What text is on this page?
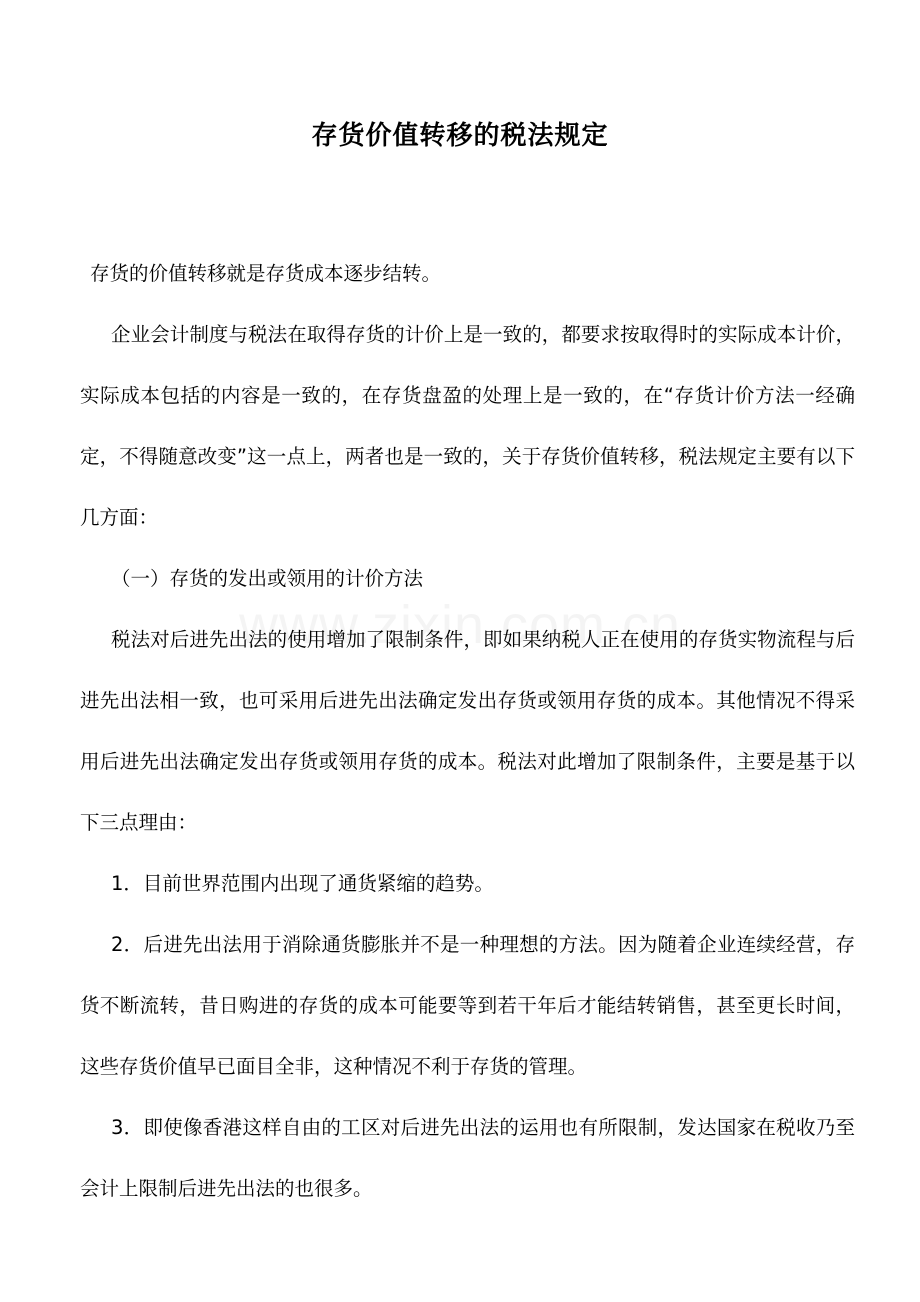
存货价值转移的税法规定

存货的价值转移就是存货成本逐步结转。

企业会计制度与税法在取得存货的计价上是一致的，都要求按取得时的实际成本计价，实际成本包括的内容是一致的，在存货盘盈的处理上是一致的，在“存货计价方法一经确定，不得随意改变”这一点上，两者也是一致的，关于存货价值转移，税法规定主要有以下几方面：

（一）存货的发出或领用的计价方法

税法对后进先出法的使用增加了限制条件，即如果纳税人正在使用的存货实物流程与后进先出法相一致，也可采用后进先出法确定发出存货或领用存货的成本。其他情况不得采用后进先出法确定发出存货或领用存货的成本。税法对此增加了限制条件，主要是基于以下三点理由：

1．目前世界范围内出现了通货紧缩的趋势。

2．后进先出法用于消除通货膨胀并不是一种理想的方法。因为随着企业连续经营，存货不断流转，昔日购进的存货的成本可能要等到若干年后才能结转销售，甚至更长时间，这些存货价值早已面目全非，这种情况不利于存货的管理。

3．即使像香港这样自由的工区对后进先出法的运用也有所限制，发达国家在税收乃至会计上限制后进先出法的也很多。
